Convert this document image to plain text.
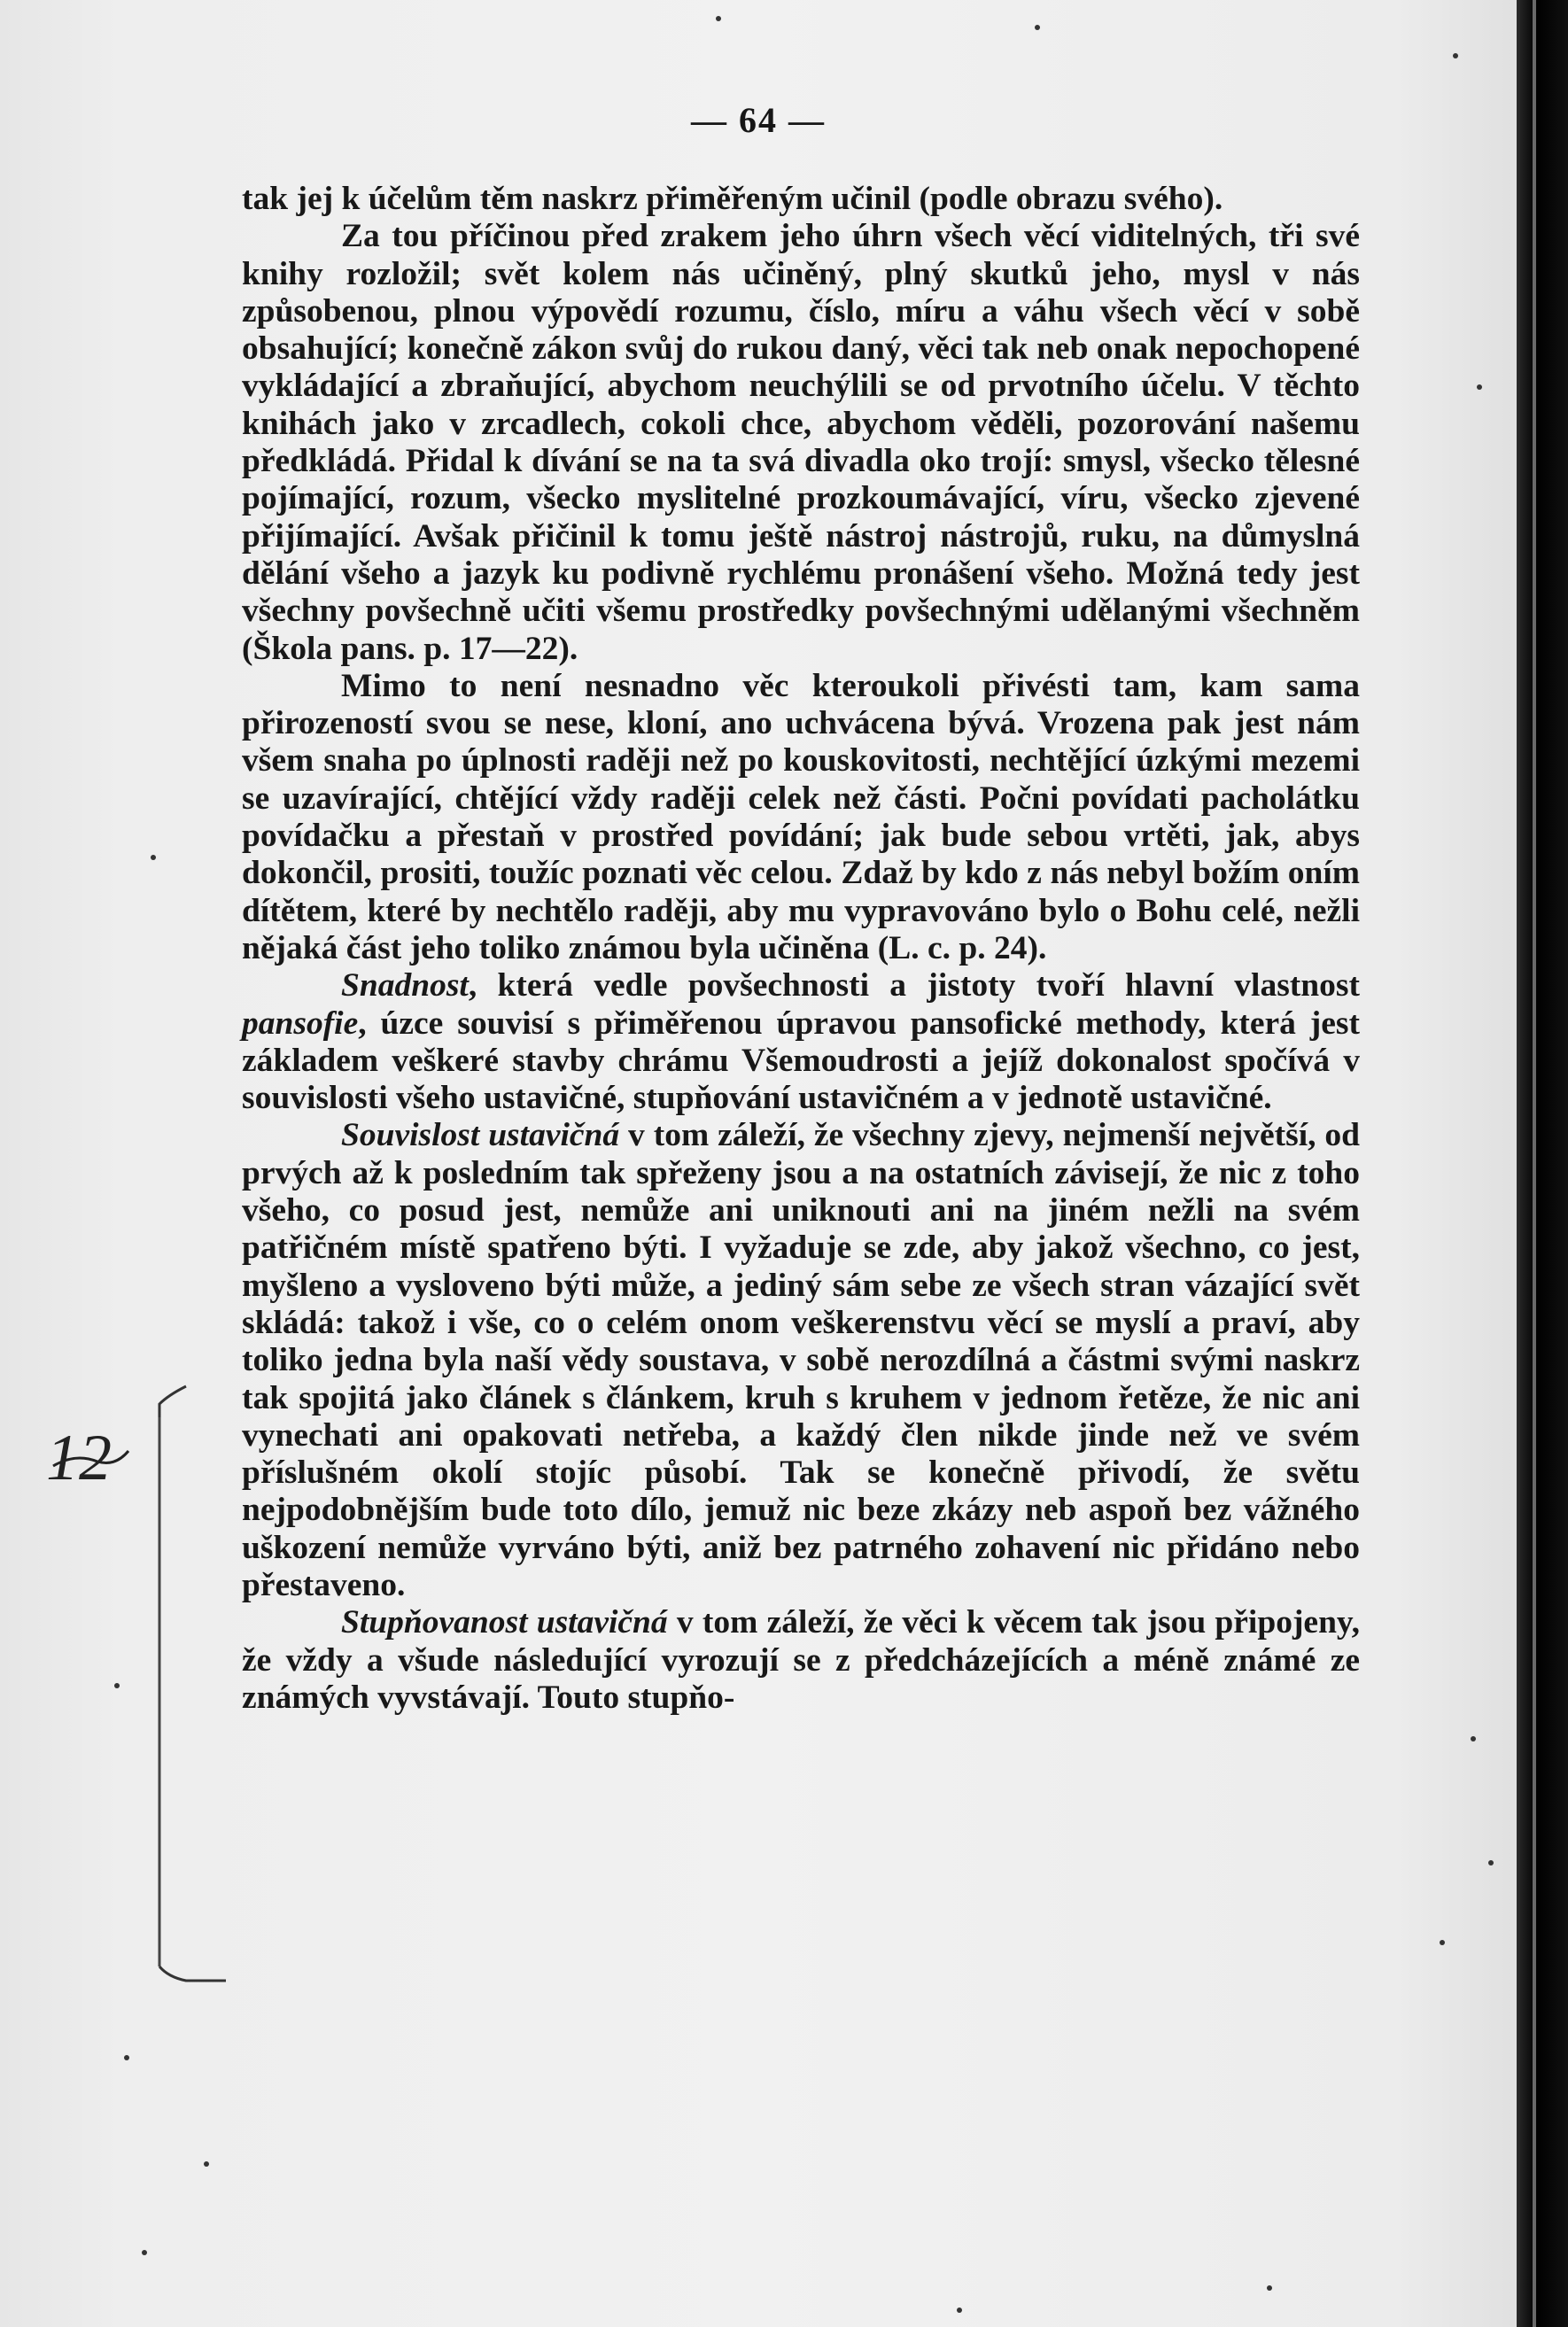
— 64 —

tak jej k účelům těm naskrz přiměřeným učinil (podle obrazu svého).

Za tou příčinou před zrakem jeho úhrn všech věcí viditelných, tři své knihy rozložil; svět kolem nás učiněný, plný skutků jeho, mysl v nás způsobenou, plnou výpovědí rozumu, číslo, míru a váhu všech věcí v sobě obsahující; konečně zákon svůj do rukou daný, věci tak neb onak nepochopené vykládající a zbraňující, abychom neuchýlili se od prvotního účelu. V těchto knihách jako v zrcadlech, cokoli chce, abychom věděli, pozorování našemu předkládá. Přidal k dívání se na ta svá divadla oko trojí: smysl, všecko tělesné pojímající, rozum, všecko myslitelné prozkoumávající, víru, všecko zjevené přijímající. Avšak přičinil k tomu ještě nástroj nástrojů, ruku, na důmyslná dělání všeho a jazyk ku podivně rychlému pronášení všeho. Možná tedy jest všechny povšechně učiti všemu prostředky povšechnými udělanými všechněm (Škola pans. p. 17—22).

Mimo to není nesnadno věc kteroukoli přivésti tam, kam sama přirozeností svou se nese, kloní, ano uchvácena bývá. Vrozena pak jest nám všem snaha po úplnosti raději než po kouskovitosti, nechtějící úzkými mezemi se uzavírající, chtějící vždy raději celek než části. Počni povídati pacholátku povídačku a přestaň v prostřed povídání; jak bude sebou vrtěti, jak, abys dokončil, prositi, toužíc poznati věc celou. Zdaž by kdo z nás nebyl božím oním dítětem, které by nechtělo raději, aby mu vypravováno bylo o Bohu celé, nežli nějaká část jeho toliko známou byla učiněna (L. c. p. 24).

Snadnost, která vedle povšechnosti a jistoty tvoří hlavní vlastnost pansofie, úzce souvisí s přiměřenou úpravou pansofické methody, která jest základem veškeré stavby chrámu Všemoudrosti a jejíž dokonalost spočívá v souvislosti všeho ustavičné, stupňování ustavičném a v jednotě ustavičné.

Souvislost ustavičná v tom záleží, že všechny zjevy, nejmenší největší, od prvých až k posledním tak spřeženy jsou a na ostatních závisejí, že nic z toho všeho, co posud jest, nemůže ani uniknouti ani na jiném nežli na svém patřičném místě spatřeno býti. I vyžaduje se zde, aby jakož všechno, co jest, myšleno a vysloveno býti může, a jediný sám sebe ze všech stran vázající svět skládá: takož i vše, co o celém onom veškerenstvu věcí se myslí a praví, aby toliko jedna byla naší vědy soustava, v sobě nerozdílná a částmi svými naskrz tak spojitá jako článek s článkem, kruh s kruhem v jednom řetěze, že nic ani vynechati ani opakovati netřeba, a každý člen nikde jinde než ve svém příslušném okolí stojíc působí. Tak se konečně přivodí, že světu nejpodobnějším bude toto dílo, jemuž nic beze zkázy neb aspoň bez vážného uškození nemůže vyrváno býti, aniž bez patrného zohavení nic přidáno nebo přestaveno.

Stupňovanost ustavičná v tom záleží, že věci k věcem tak jsou připojeny, že vždy a všude následující vyrozují se z předcházejících a méně známé ze známých vyvstávají. Touto stupňo-

12
